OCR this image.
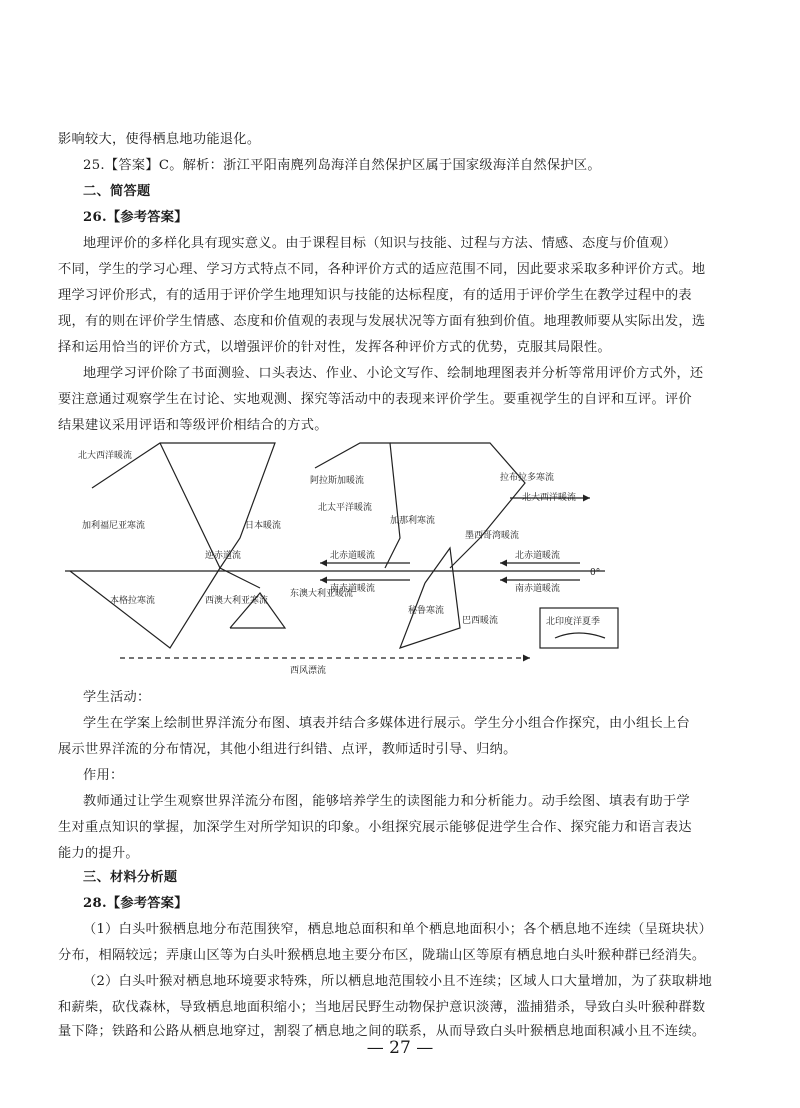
影响较大，使得栖息地功能退化。
25.【答案】C。解析：浙江平阳南麂列岛海洋自然保护区属于国家级海洋自然保护区。
二、简答题
26.【参考答案】
地理评价的多样化具有现实意义。由于课程目标（知识与技能、过程与方法、情感、态度与价值观）
不同，学生的学习心理、学习方式特点不同，各种评价方式的适应范围不同，因此要求采取多种评价方式。地
理学习评价形式，有的适用于评价学生地理知识与技能的达标程度，有的适用于评价学生在教学过程中的表
现，有的则在评价学生情感、态度和价值观的表现与发展状况等方面有独到价值。地理教师要从实际出发，选
择和运用恰当的评价方式，以增强评价的针对性，发挥各种评价方式的优势，克服其局限性。
地理学习评价除了书面测验、口头表达、作业、小论文写作、绘制地理图表并分析等常用评价方式外，还
要注意通过观察学生在讨论、实地观测、探究等活动中的表现来评价学生。要重视学生的自评和互评。评价
结果建议采用评语和等级评价相结合的方式。
北大西洋暖流
加利福尼亚寒流
阿拉斯加暖流
北太平洋暖流
日本暖流
拉布拉多寒流
北大西洋暖流
加那利寒流
墨西哥湾暖流
北赤道暖流	北赤道暖流
南赤道暖流	南赤道暖流
0°
逆赤道流
本格拉寒流	西澳大利亚寒流
东澳大利亚暖流
秘鲁寒流
巴西暖流
西风漂流
北印度洋夏季
学生活动：
学生在学案上绘制世界洋流分布图、填表并结合多媒体进行展示。学生分小组合作探究，由小组长上台
展示世界洋流的分布情况，其他小组进行纠错、点评，教师适时引导、归纳。
作用：
教师通过让学生观察世界洋流分布图，能够培养学生的读图能力和分析能力。动手绘图、填表有助于学
生对重点知识的掌握，加深学生对所学知识的印象。小组探究展示能够促进学生合作、探究能力和语言表达
能力的提升。
三、材料分析题
28.【参考答案】
（1）白头叶猴栖息地分布范围狭窄，栖息地总面积和单个栖息地面积小；各个栖息地不连续（呈斑块状）
分布，相隔较远；弄康山区等为白头叶猴栖息地主要分布区，陇瑞山区等原有栖息地白头叶猴种群已经消失。
（2）白头叶猴对栖息地环境要求特殊，所以栖息地范围较小且不连续；区域人口大量增加，为了获取耕地
和薪柴，砍伐森林，导致栖息地面积缩小；当地居民野生动物保护意识淡薄，滥捕猎杀，导致白头叶猴种群数
量下降；铁路和公路从栖息地穿过，割裂了栖息地之间的联系，从而导致白头叶猴栖息地面积减小且不连续。
— 27 —
